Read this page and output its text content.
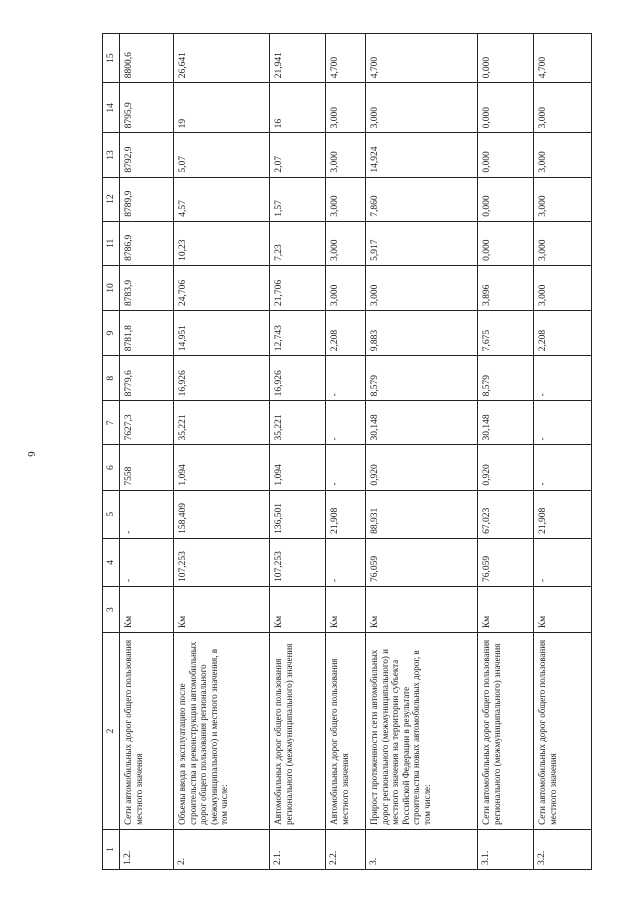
6
1	2	3	4	5	6	7	8	9	10	11	12	13	14	15
1.2.	Сети автомобильных дорог общего пользования местного значения	Км	-	-	7558	7627,3	8779,6	8781,8	8783,9	8786,9	8789,9	8792,9	8795,9	8800,6
2.	Объемы ввода в эксплуатацию после строительства и реконструкции автомобильных дорог общего пользования регионального (межмуниципального) и местного значения, в том числе:	Км	107,253	158,409	1,094	35,221	16,926	14,951	24,706	10,23	4,57	5,07	19	26,641
2.1.	Автомобильных дорог общего пользования регионального (межмуниципального) значения	Км	107,253	136,501	1,094	35,221	16,926	12,743	21,706	7,23	1,57	2,07	16	21,941
2.2.	Автомобильных дорог общего пользования местного значения	Км	-	21,908	-	-	-	2,208	3,000	3,000	3,000	3,000	3,000	4,700
3.	Прирост протяженности сети автомобильных дорог регионального (межмуниципального) и местного значения на территории субъекта Российской Федерации в результате строительства новых автомобильных дорог, в том числе:	Км	76,059	88,931	0,920	30,148	8,579	9,883	3,000	5,917	7,860	14,924	3,000	4,700
3.1.	Сети автомобильных дорог общего пользования регионального (межмуниципального) значения	Км	76,059	67,023	0,920	30,148	8,579	7,675	3,896	0,000	0,000	0,000	0,000	0,000
3.2.	Сети автомобильных дорог общего пользования местного значения	Км	-	21,908	-	-	-	2,208	3,000	3,000	3,000	3,000	3,000	4,700
